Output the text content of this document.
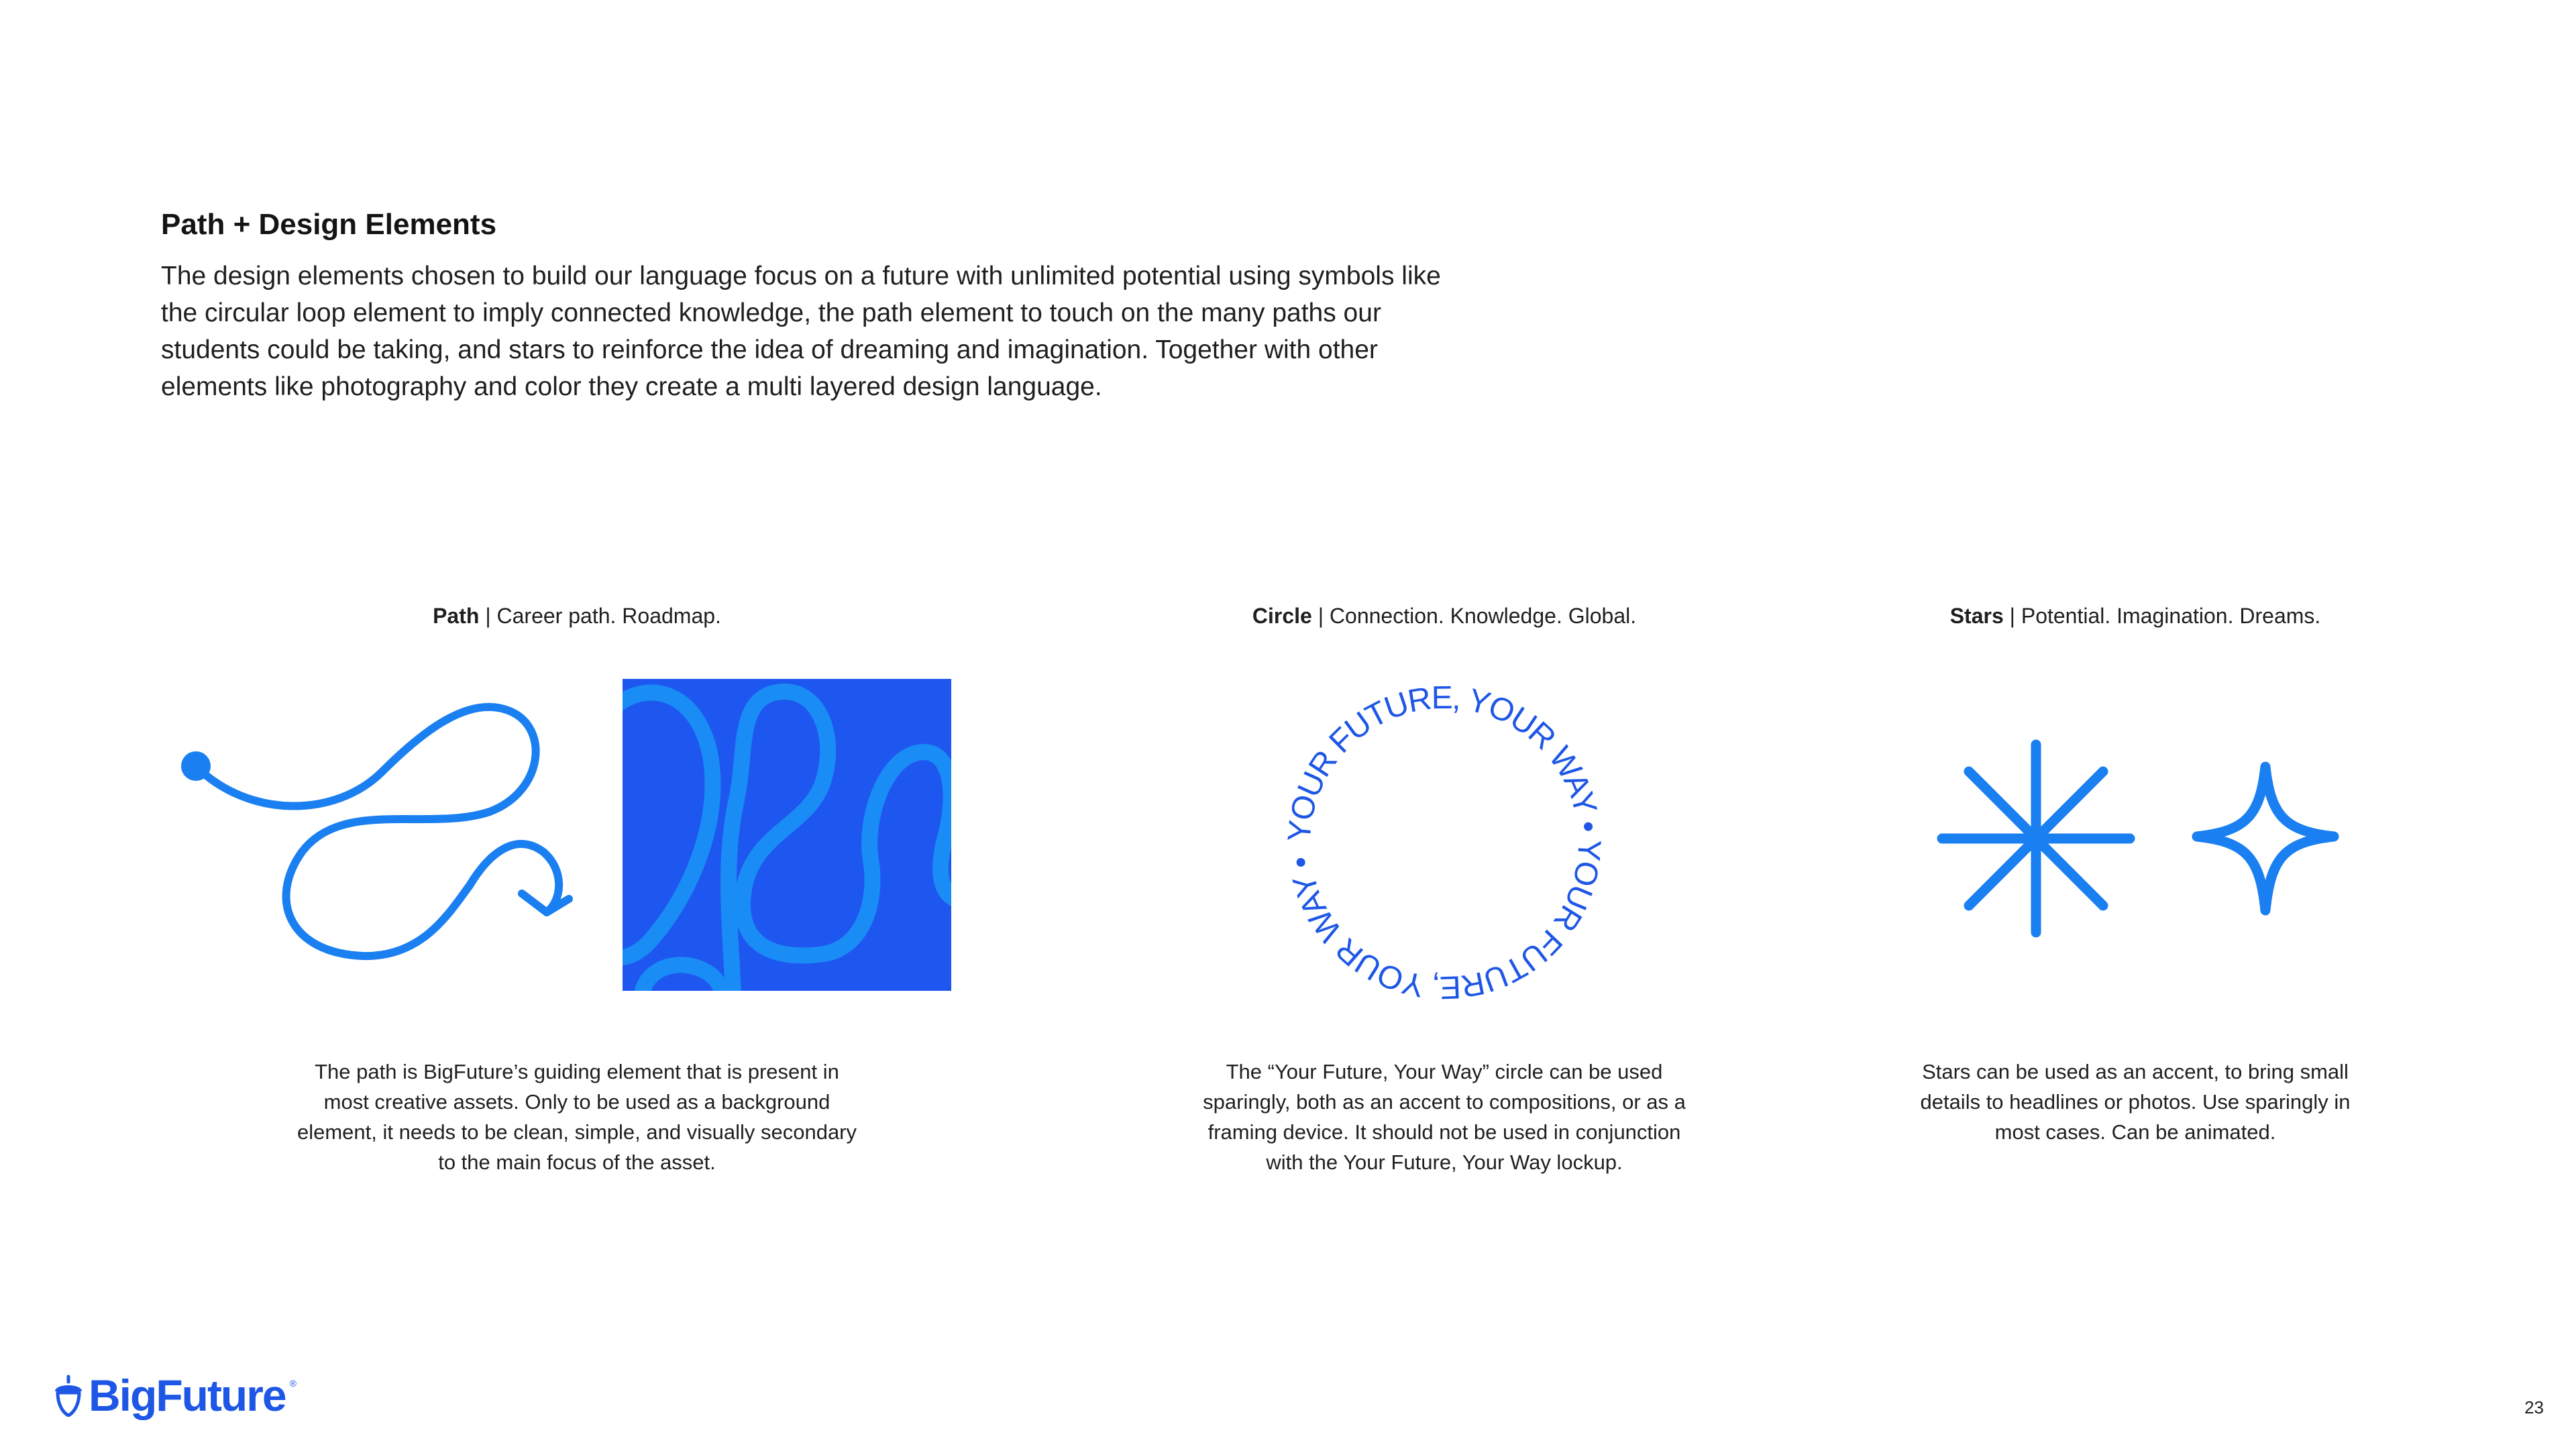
Path + Design Elements

The design elements chosen to build our language focus on a future with unlimited potential using symbols like the circular loop element to imply connected knowledge, the path element to touch on the many paths our students could be taking, and stars to reinforce the idea of dreaming and imagination. Together with other elements like photography and color they create a multi layered design language.

Path | Career path. Roadmap.	Circle | Connection. Knowledge. Global.	Stars | Potential. Imagination. Dreams.
YOUR FUTURE, YOUR WAY • YOUR FUTURE, YOUR WAY •

The path is BigFuture’s guiding element that is present in most creative assets. Only to be used as a background element, it needs to be clean, simple, and visually secondary to the main focus of the asset.

The “Your Future, Your Way” circle can be used sparingly, both as an accent to compositions, or as a framing device. It should not be used in conjunction with the Your Future, Your Way lockup.

Stars can be used as an accent, to bring small details to headlines or photos. Use sparingly in most cases. Can be animated.

BigFuture ®
23
